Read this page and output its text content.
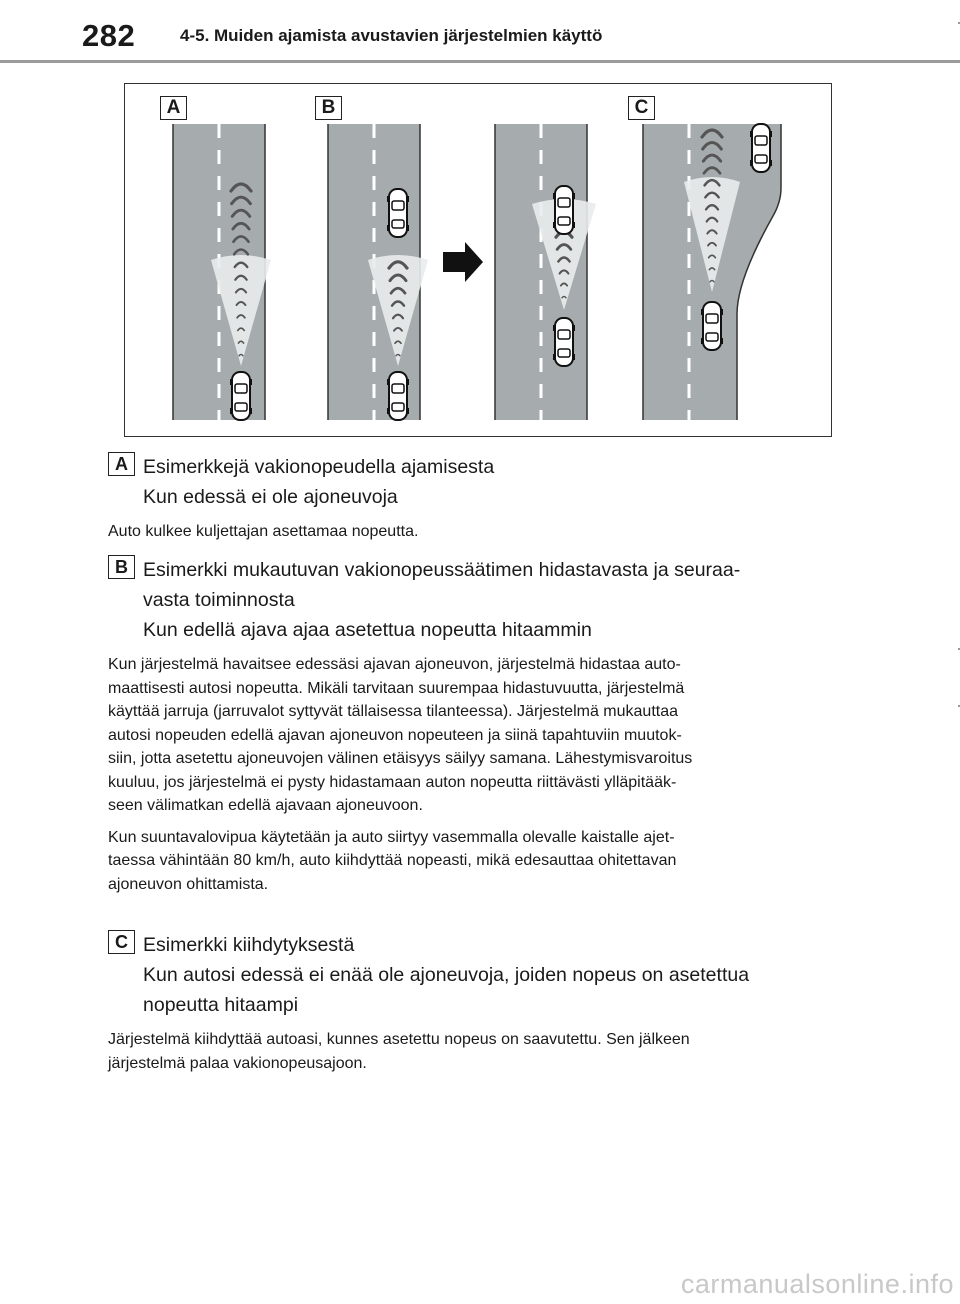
282	4-5. Muiden ajamista avustavien järjestelmien käyttö
A	B	C
A Esimerkkejä vakionopeudella ajamisesta
Kun edessä ei ole ajoneuvoja

Auto kulkee kuljettajan asettamaa nopeutta.

B Esimerkki mukautuvan vakionopeussäätimen hidastavasta ja seuraa-
vasta toiminnosta
Kun edellä ajava ajaa asetettua nopeutta hitaammin

Kun järjestelmä havaitsee edessäsi ajavan ajoneuvon, järjestelmä hidastaa auto-
maattisesti autosi nopeutta. Mikäli tarvitaan suurempaa hidastuvuutta, järjestelmä
käyttää jarruja (jarruvalot syttyvät tällaisessa tilanteessa). Järjestelmä mukauttaa
autosi nopeuden edellä ajavan ajoneuvon nopeuteen ja siinä tapahtuviin muutok-
siin, jotta asetettu ajoneuvojen välinen etäisyys säilyy samana. Lähestymisvaroitus
kuuluu, jos järjestelmä ei pysty hidastamaan auton nopeutta riittävästi ylläpitääk-
seen välimatkan edellä ajavaan ajoneuvoon.

Kun suuntavalovipua käytetään ja auto siirtyy vasemmalla olevalle kaistalle ajet-
taessa vähintään 80 km/h, auto kiihdyttää nopeasti, mikä edesauttaa ohitettavan
ajoneuvon ohittamista.

C Esimerkki kiihdytyksestä
Kun autosi edessä ei enää ole ajoneuvoja, joiden nopeus on asetettua
nopeutta hitaampi

Järjestelmä kiihdyttää autoasi, kunnes asetettu nopeus on saavutettu. Sen jälkeen
järjestelmä palaa vakionopeusajoon.

carmanualsonline.info
